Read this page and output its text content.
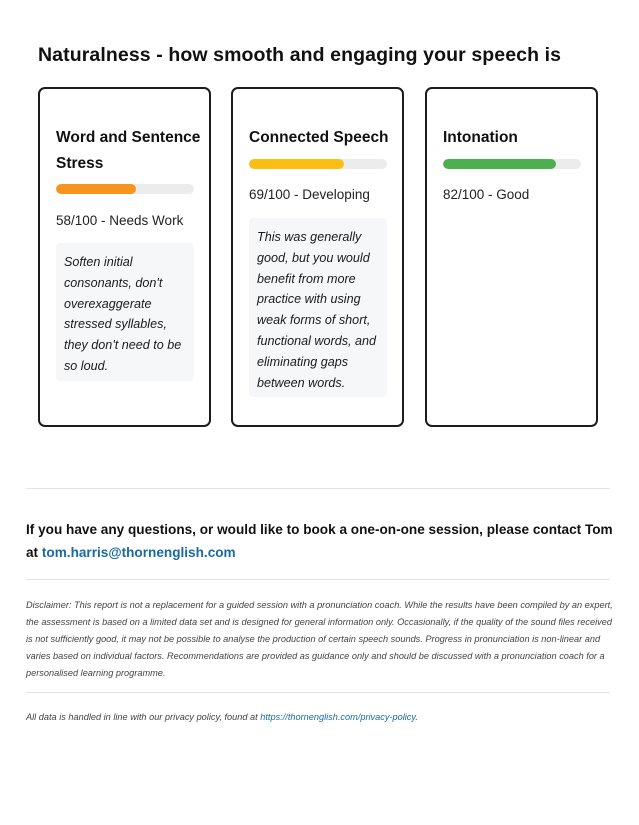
Naturalness - how smooth and engaging your speech is
Word and Sentence Stress
58/100 - Needs Work
Soften initial consonants, don't overexaggerate stressed syllables, they don't need to be so loud.
Connected Speech
69/100 - Developing
This was generally good, but you would benefit from more practice with using weak forms of short, functional words, and eliminating gaps between words.
Intonation
82/100 - Good
If you have any questions, or would like to book a one-on-one session, please contact Tom at tom.harris@thornenglish.com

Disclaimer: This report is not a replacement for a guided session with a pronunciation coach. While the results have been compiled by an expert, the assessment is based on a limited data set and is designed for general information only. Occasionally, if the quality of the sound files received is not sufficiently good, it may not be possible to analyse the production of certain speech sounds. Progress in pronunciation is non-linear and varies based on individual factors. Recommendations are provided as guidance only and should be discussed with a pronunciation coach for a personalised learning programme.

All data is handled in line with our privacy policy, found at https://thornenglish.com/privacy-policy.
